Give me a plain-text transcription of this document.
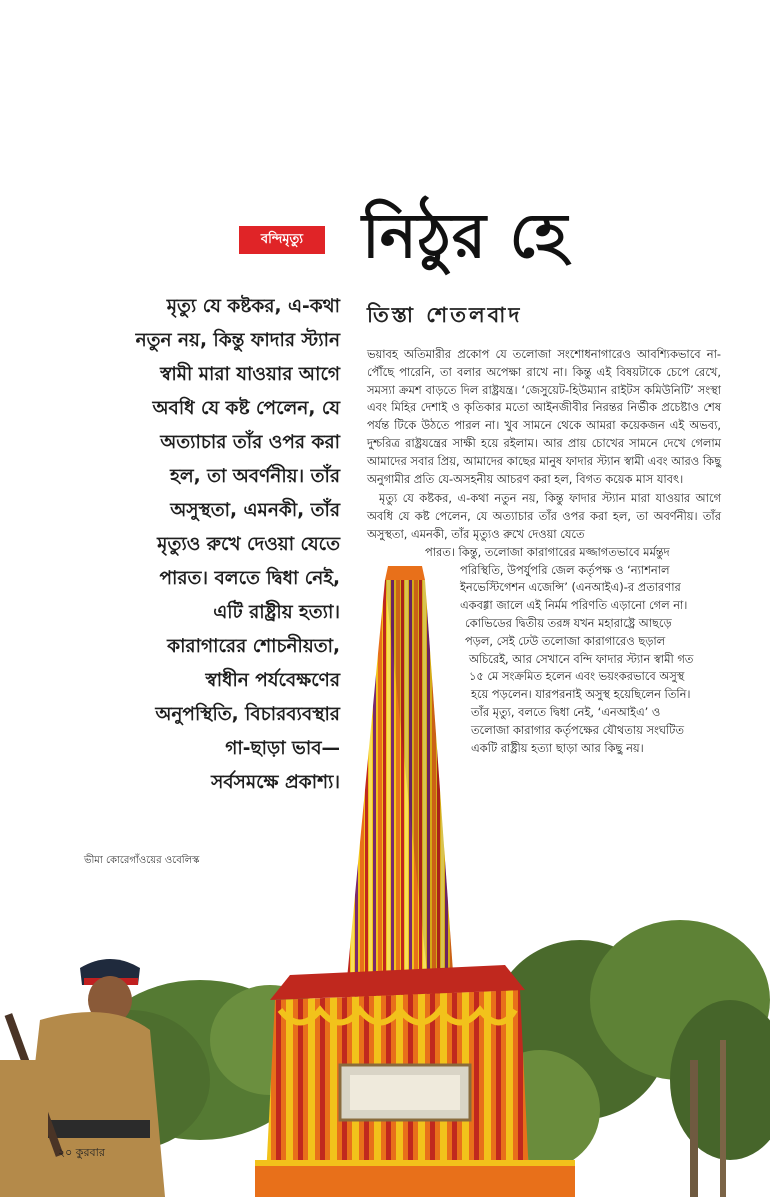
বন্দিমৃত্যু নিঠুর হে
তিস্তা শেতলবাদ
মৃত্যু যে কষ্টকর, এ-কথা
নতুন নয়, কিন্তু ফাদার স্ট্যান
স্বামী মারা যাওয়ার আগে
অবধি যে কষ্ট পেলেন, যে
অত্যাচার তাঁর ওপর করা
হল, তা অবর্ণনীয়। তাঁর
অসুস্থতা, এমনকী, তাঁর
মৃত্যুও রুখে দেওয়া যেতে
পারত। বলতে দ্বিধা নেই,
এটি রাষ্ট্রীয় হত্যা।
কারাগারের শোচনীয়তা,
স্বাধীন পর্যবেক্ষণের
অনুপস্থিতি, বিচারব্যবস্থার
গা-ছাড়া ভাব—
সর্বসমক্ষে প্রকাশ্য।

ভয়াবহ অতিমারীর প্রকোপ যে তলোজা সংশোধনাগারেও আবশ্যিকভাবে না-পৌঁছে পারেনি, তা বলার অপেক্ষা রাখে না। কিন্তু এই বিষয়টাকে চেপে রেখে, সমস্যা ক্রমশ বাড়তে দিল রাষ্ট্রযন্ত্র। ‘জেসুয়েট-হিউম্যান রাইটস কমিউনিটি’ সংস্থা এবং মিহির দেশাই ও কৃতিকার মতো আইনজীবীর নিরন্তর নির্ভীক প্রচেষ্টাও শেষ পর্যন্ত টিকে উঠতে পারল না। খুব সামনে থেকে আমরা কয়েকজন এই অভব্য, দুশ্চরিত্র রাষ্ট্রযন্ত্রের সাক্ষী হয়ে রইলাম। আর প্রায় চোখের সামনে দেখে গেলাম আমাদের সবার প্রিয়, আমাদের কাছের মানুষ ফাদার স্ট্যান স্বামী এবং আরও কিছু অনুগামীর প্রতি যে-অসহনীয় আচরণ করা হল, বিগত কয়েক মাস যাবৎ।

মৃত্যু যে কষ্টকর, এ-কথা নতুন নয়, কিন্তু ফাদার স্ট্যান মারা যাওয়ার আগে অবধি যে কষ্ট পেলেন, যে অত্যাচার তাঁর ওপর করা হল, তা অবর্ণনীয়। তাঁর অসুস্থতা, এমনকী, তাঁর মৃত্যুও রুখে দেওয়া যেতে

পারত। কিন্তু, তলোজা কারাগারের মজ্জাগতভাবে মর্মন্তুদ
পরিস্থিতি, উপর্যুপরি জেল কর্তৃপক্ষ ও ‘ন্যাশনাল
ইনভেস্টিগেশন এজেন্সি’ (এনআইএ)-র প্রতারণার
একবগ্গা জালে এই নির্মম পরিণতি এড়ানো গেল না।
কোভিডের দ্বিতীয় তরঙ্গ যখন মহারাষ্ট্রে আছড়ে
পড়ল, সেই ঢেউ তলোজা কারাগারেও ছড়াল
অচিরেই, আর সেখানে বন্দি ফাদার স্ট্যান স্বামী গত
১৫ মে সংক্রমিত হলেন এবং ভয়ংকরভাবে অসুস্থ
হয়ে পড়লেন। যারপরনাই অসুস্থ হয়েছিলেন তিনি।
তাঁর মৃত্যু, বলতে দ্বিধা নেই, ‘এনআইএ’ ও
তলোজা কারাগার কর্তৃপক্ষের যৌথতায় সংঘটিত
একটি রাষ্ট্রীয় হত্যা ছাড়া আর কিছু নয়।
ভীমা কোরেগাঁওয়ের ওবেলিস্ক
২০ কুরবার
